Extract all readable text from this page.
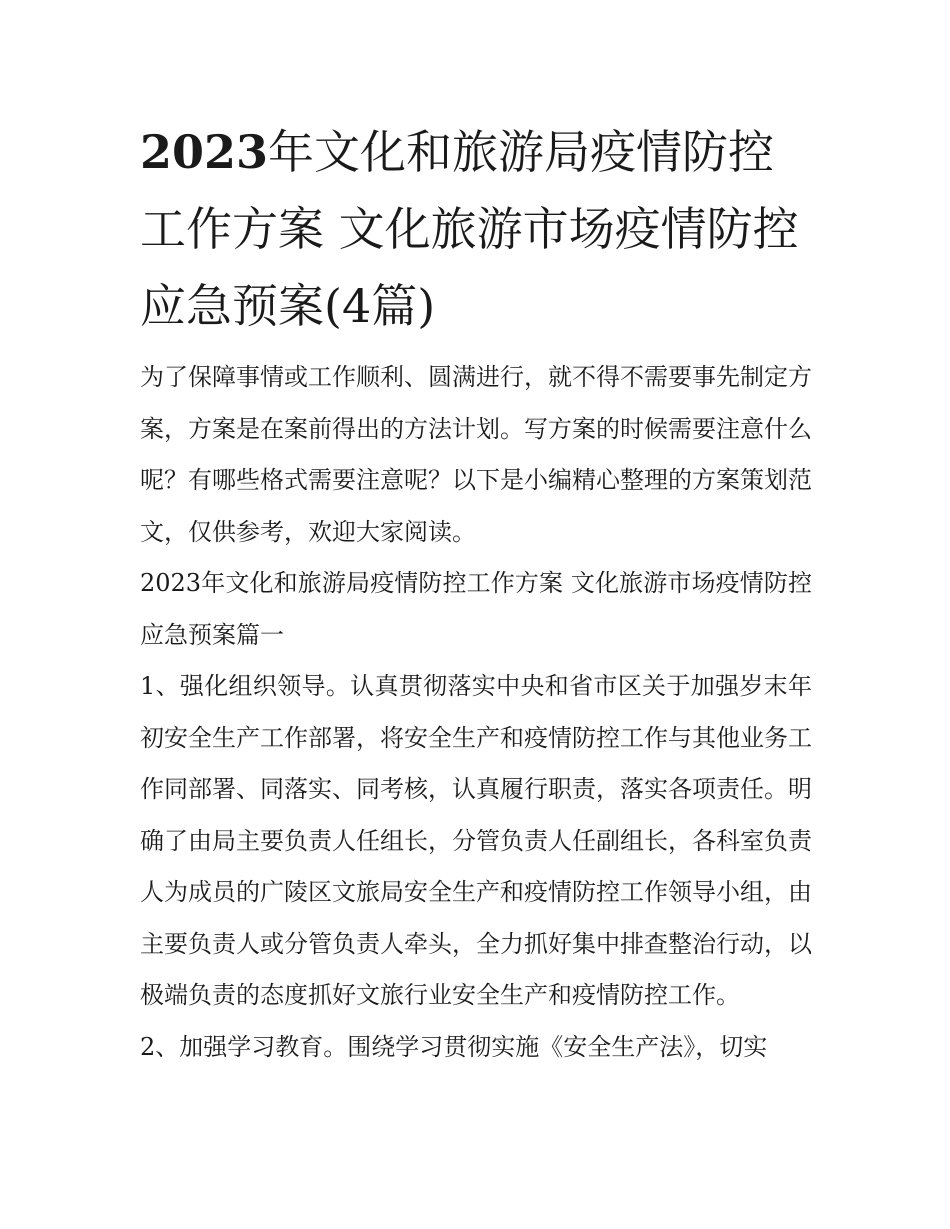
2023年文化和旅游局疫情防控工作方案 文化旅游市场疫情防控应急预案(4篇)

为了保障事情或工作顺利、圆满进行，就不得不需要事先制定方案，方案是在案前得出的方法计划。写方案的时候需要注意什么呢？有哪些格式需要注意呢？以下是小编精心整理的方案策划范文，仅供参考，欢迎大家阅读。

2023年文化和旅游局疫情防控工作方案 文化旅游市场疫情防控应急预案篇一

1、强化组织领导。认真贯彻落实中央和省市区关于加强岁末年初安全生产工作部署，将安全生产和疫情防控工作与其他业务工作同部署、同落实、同考核，认真履行职责，落实各项责任。明确了由局主要负责人任组长，分管负责人任副组长，各科室负责人为成员的广陵区文旅局安全生产和疫情防控工作领导小组，由主要负责人或分管负责人牵头，全力抓好集中排查整治行动，以极端负责的态度抓好文旅行业安全生产和疫情防控工作。

2、加强学习教育。围绕学习贯彻实施《安全生产法》，切实
